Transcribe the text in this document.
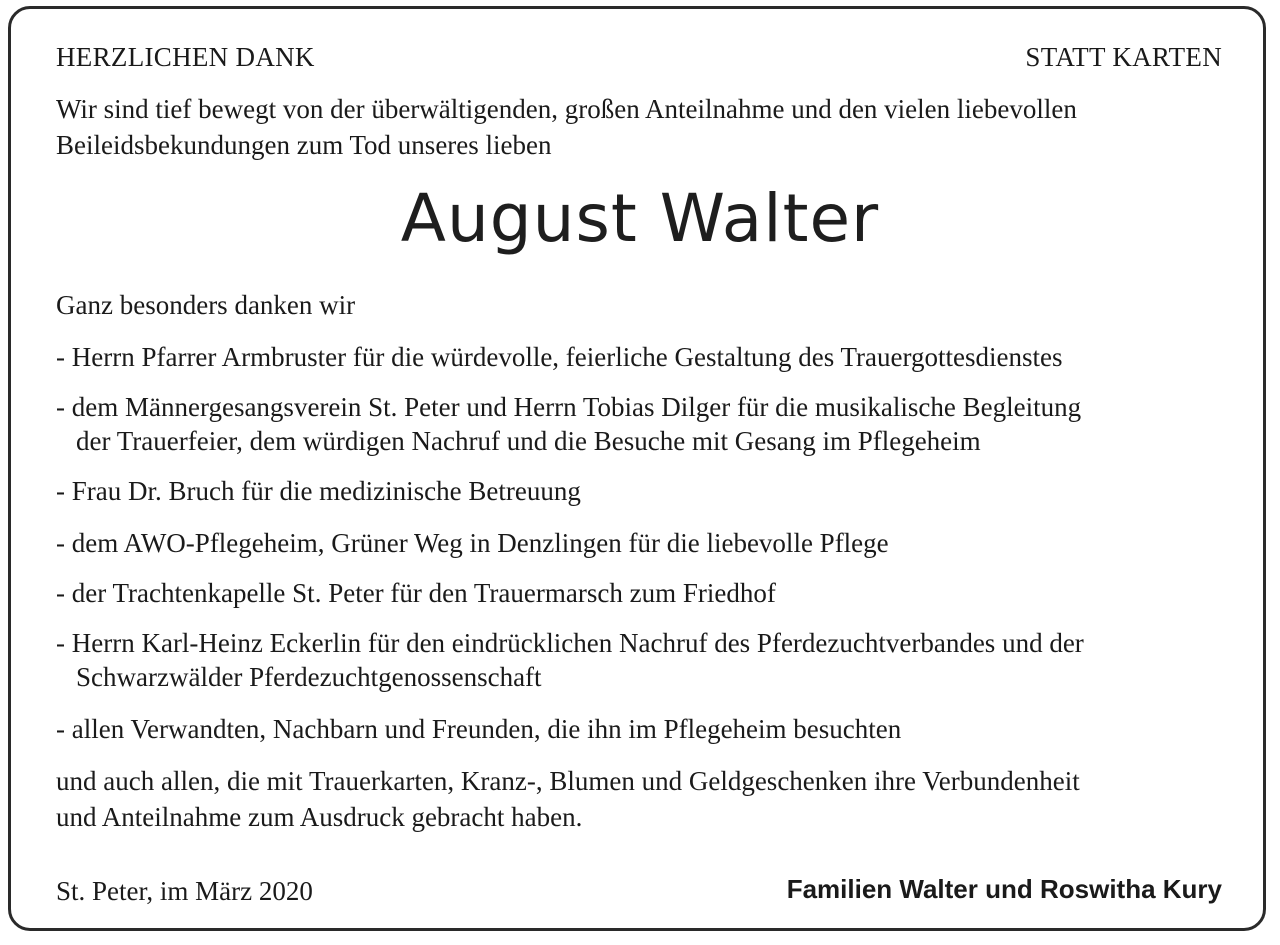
HERZLICHEN DANK	STATT KARTEN
Wir sind tief bewegt von der überwältigenden, großen Anteilnahme und den vielen liebevollen
Beileidsbekundungen zum Tod unseres lieben
August Walter
Ganz besonders danken wir
- Herrn Pfarrer Armbruster für die würdevolle, feierliche Gestaltung des Trauergottesdienstes
- dem Männergesangsverein St. Peter und Herrn Tobias Dilger für die musikalische Begleitung
der Trauerfeier, dem würdigen Nachruf und die Besuche mit Gesang im Pflegeheim
- Frau Dr. Bruch für die medizinische Betreuung
- dem AWO-Pflegeheim, Grüner Weg in Denzlingen für die liebevolle Pflege
- der Trachtenkapelle St. Peter für den Trauermarsch zum Friedhof
- Herrn Karl-Heinz Eckerlin für den eindrücklichen Nachruf des Pferdezuchtverbandes und der
Schwarzwälder Pferdezuchtgenossenschaft
- allen Verwandten, Nachbarn und Freunden, die ihn im Pflegeheim besuchten
und auch allen, die mit Trauerkarten, Kranz-, Blumen und Geldgeschenken ihre Verbundenheit
und Anteilnahme zum Ausdruck gebracht haben.
St. Peter, im März 2020	Familien Walter und Roswitha Kury
